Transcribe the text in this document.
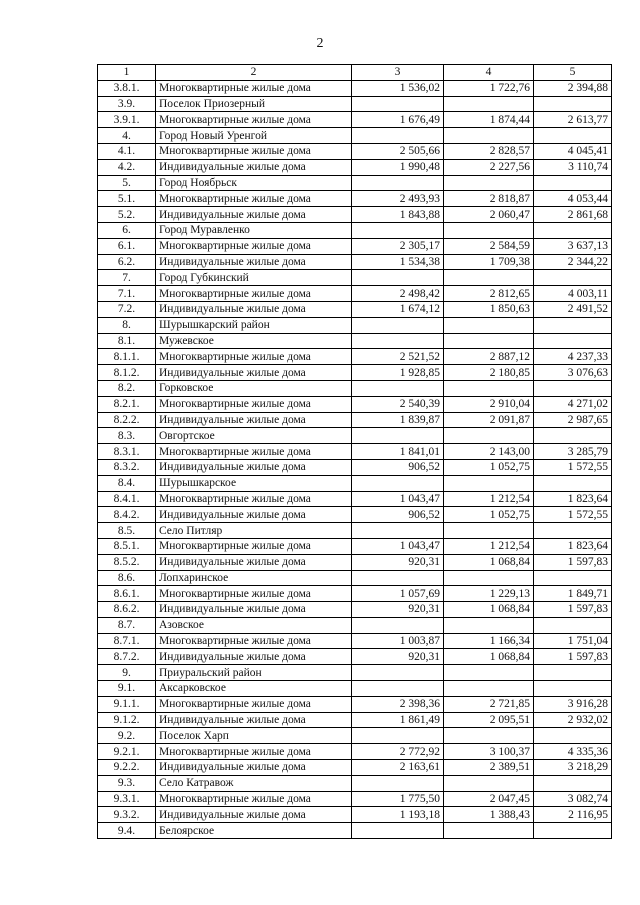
2
1	2	3	4	5
3.8.1.	Многоквартирные жилые дома	1 536,02	1 722,76	2 394,88
3.9.	Поселок Приозерный			
3.9.1.	Многоквартирные жилые дома	1 676,49	1 874,44	2 613,77
4.	Город Новый Уренгой			
4.1.	Многоквартирные жилые дома	2 505,66	2 828,57	4 045,41
4.2.	Индивидуальные жилые дома	1 990,48	2 227,56	3 110,74
5.	Город Ноябрьск			
5.1.	Многоквартирные жилые дома	2 493,93	2 818,87	4 053,44
5.2.	Индивидуальные жилые дома	1 843,88	2 060,47	2 861,68
6.	Город Муравленко			
6.1.	Многоквартирные жилые дома	2 305,17	2 584,59	3 637,13
6.2.	Индивидуальные жилые дома	1 534,38	1 709,38	2 344,22
7.	Город Губкинский			
7.1.	Многоквартирные жилые дома	2 498,42	2 812,65	4 003,11
7.2.	Индивидуальные жилые дома	1 674,12	1 850,63	2 491,52
8.	Шурышкарский район			
8.1.	Мужевское			
8.1.1.	Многоквартирные жилые дома	2 521,52	2 887,12	4 237,33
8.1.2.	Индивидуальные жилые дома	1 928,85	2 180,85	3 076,63
8.2.	Горковское			
8.2.1.	Многоквартирные жилые дома	2 540,39	2 910,04	4 271,02
8.2.2.	Индивидуальные жилые дома	1 839,87	2 091,87	2 987,65
8.3.	Овгортское			
8.3.1.	Многоквартирные жилые дома	1 841,01	2 143,00	3 285,79
8.3.2.	Индивидуальные жилые дома	906,52	1 052,75	1 572,55
8.4.	Шурышкарское			
8.4.1.	Многоквартирные жилые дома	1 043,47	1 212,54	1 823,64
8.4.2.	Индивидуальные жилые дома	906,52	1 052,75	1 572,55
8.5.	Село Питляр			
8.5.1.	Многоквартирные жилые дома	1 043,47	1 212,54	1 823,64
8.5.2.	Индивидуальные жилые дома	920,31	1 068,84	1 597,83
8.6.	Лопхаринское			
8.6.1.	Многоквартирные жилые дома	1 057,69	1 229,13	1 849,71
8.6.2.	Индивидуальные жилые дома	920,31	1 068,84	1 597,83
8.7.	Азовское			
8.7.1.	Многоквартирные жилые дома	1 003,87	1 166,34	1 751,04
8.7.2.	Индивидуальные жилые дома	920,31	1 068,84	1 597,83
9.	Приуральский район			
9.1.	Аксарковское			
9.1.1.	Многоквартирные жилые дома	2 398,36	2 721,85	3 916,28
9.1.2.	Индивидуальные жилые дома	1 861,49	2 095,51	2 932,02
9.2.	Поселок Харп			
9.2.1.	Многоквартирные жилые дома	2 772,92	3 100,37	4 335,36
9.2.2.	Индивидуальные жилые дома	2 163,61	2 389,51	3 218,29
9.3.	Село Катравож			
9.3.1.	Многоквартирные жилые дома	1 775,50	2 047,45	3 082,74
9.3.2.	Индивидуальные жилые дома	1 193,18	1 388,43	2 116,95
9.4.	Белоярское			
